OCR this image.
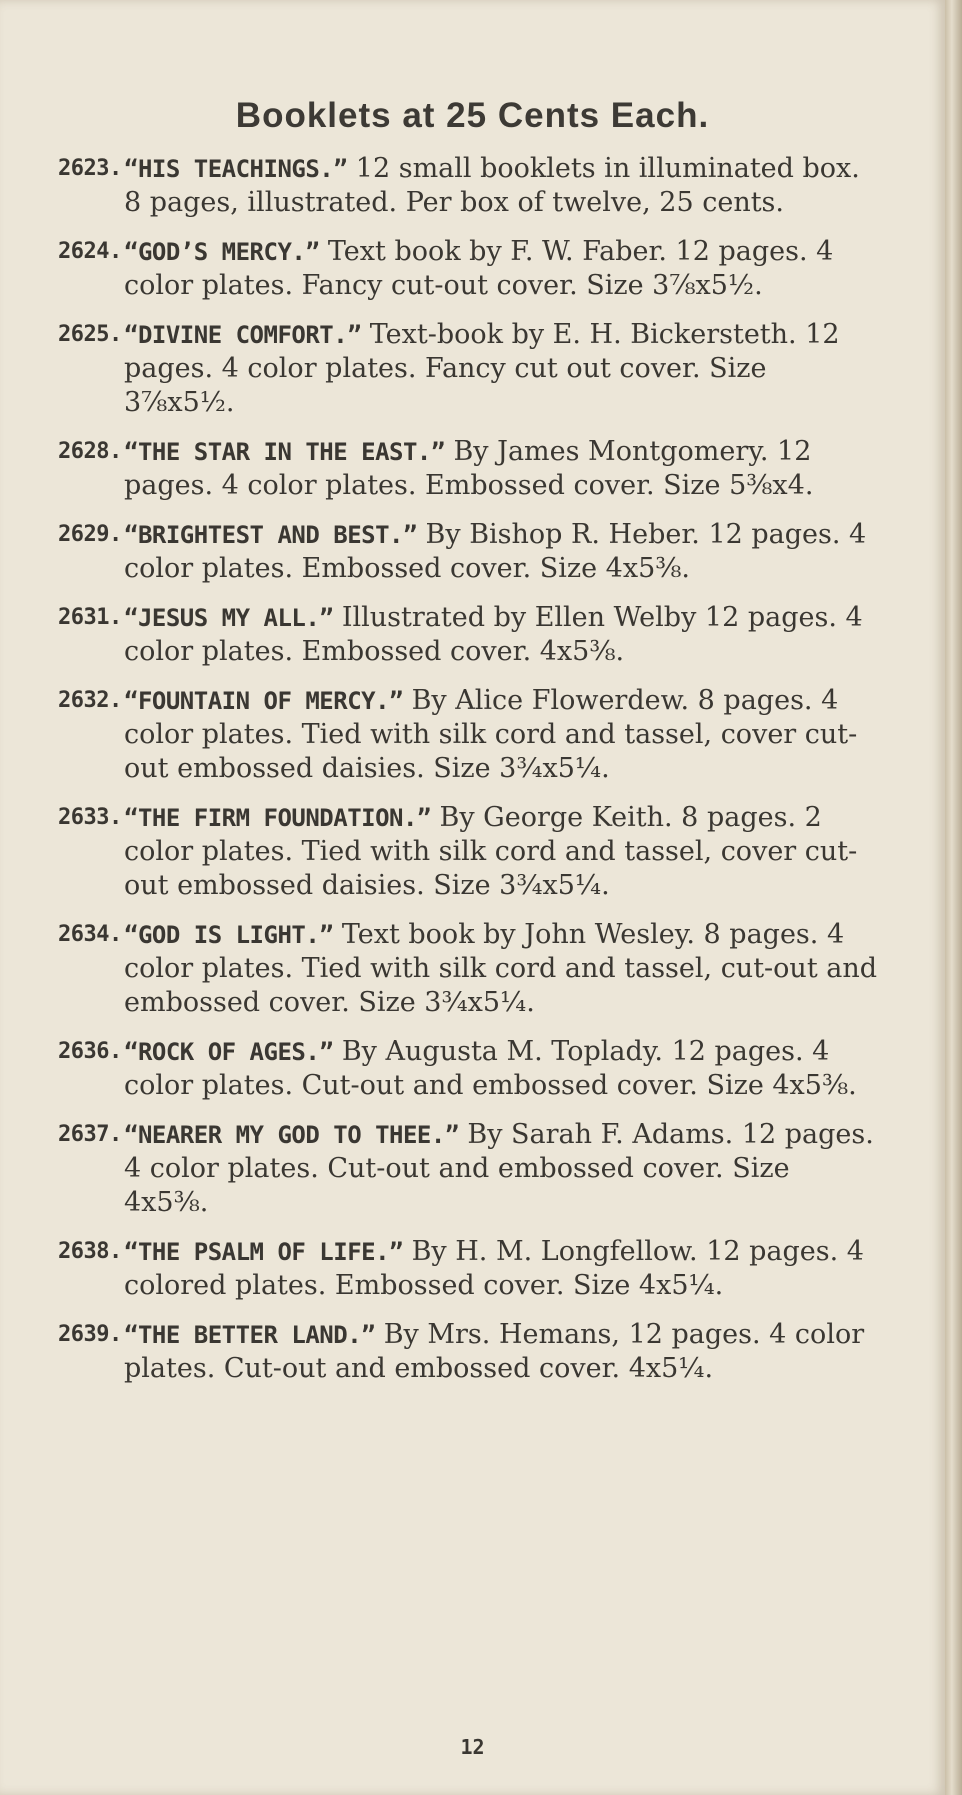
Booklets at 25 Cents Each.
2623. “HIS TEACHINGS.” 12 small booklets in illuminated box. 8 pages, illustrated. Per box of twelve, 25 cents.
2624. “GOD’S MERCY.” Text book by F. W. Faber. 12 pages. 4 color plates. Fancy cut-out cover. Size 3⅞x5½.
2625. “DIVINE COMFORT.” Text-book by E. H. Bickersteth. 12 pages. 4 color plates. Fancy cut out cover. Size 3⅞x5½.
2628. “THE STAR IN THE EAST.” By James Montgomery. 12 pages. 4 color plates. Embossed cover. Size 5⅜x4.
2629. “BRIGHTEST AND BEST.” By Bishop R. Heber. 12 pages. 4 color plates. Embossed cover. Size 4x5⅜.
2631. “JESUS MY ALL.” Illustrated by Ellen Welby 12 pages. 4 color plates. Embossed cover. 4x5⅜.
2632. “FOUNTAIN OF MERCY.” By Alice Flowerdew. 8 pages. 4 color plates. Tied with silk cord and tassel, cover cut-out embossed daisies. Size 3¾x5¼.
2633. “THE FIRM FOUNDATION.” By George Keith. 8 pages. 2 color plates. Tied with silk cord and tassel, cover cut-out embossed daisies. Size 3¾x5¼.
2634. “GOD IS LIGHT.” Text book by John Wesley. 8 pages. 4 color plates. Tied with silk cord and tassel, cut-out and embossed cover. Size 3¾x5¼.
2636. “ROCK OF AGES.” By Augusta M. Toplady. 12 pages. 4 color plates. Cut-out and embossed cover. Size 4x5⅜.
2637. “NEARER MY GOD TO THEE.” By Sarah F. Adams. 12 pages. 4 color plates. Cut-out and embossed cover. Size 4x5⅜.
2638. “THE PSALM OF LIFE.” By H. M. Longfellow. 12 pages. 4 colored plates. Embossed cover. Size 4x5¼.
2639. “THE BETTER LAND.” By Mrs. Hemans, 12 pages. 4 color plates. Cut-out and embossed cover. 4x5¼.
12
